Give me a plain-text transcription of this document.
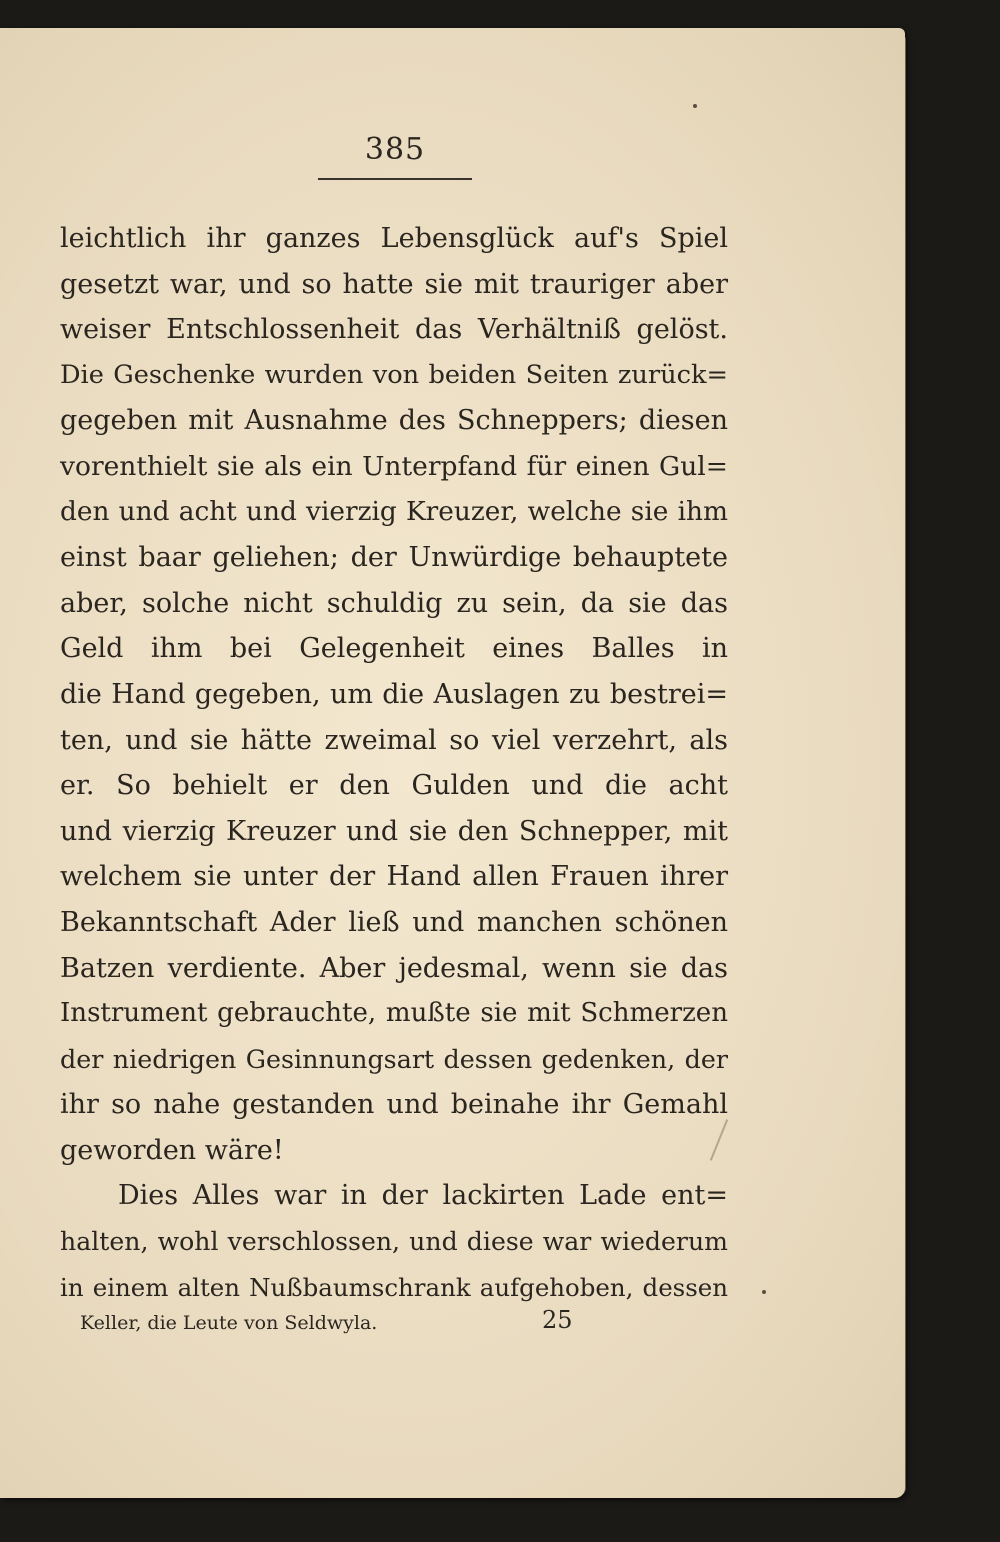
385
leichtlich ihr ganzes Lebensglück auf's Spiel
gesetzt war, und so hatte sie mit trauriger aber
weiser Entschlossenheit das Verhältniß gelöst.
Die Geschenke wurden von beiden Seiten zurück=
gegeben mit Ausnahme des Schneppers; diesen
vorenthielt sie als ein Unterpfand für einen Gul=
den und acht und vierzig Kreuzer, welche sie ihm
einst baar geliehen; der Unwürdige behauptete
aber, solche nicht schuldig zu sein, da sie das
Geld ihm bei Gelegenheit eines Balles in
die Hand gegeben, um die Auslagen zu bestrei=
ten, und sie hätte zweimal so viel verzehrt, als
er. So behielt er den Gulden und die acht
und vierzig Kreuzer und sie den Schnepper, mit
welchem sie unter der Hand allen Frauen ihrer
Bekanntschaft Ader ließ und manchen schönen
Batzen verdiente. Aber jedesmal, wenn sie das
Instrument gebrauchte, mußte sie mit Schmerzen
der niedrigen Gesinnungsart dessen gedenken, der
ihr so nahe gestanden und beinahe ihr Gemahl
geworden wäre!
Dies Alles war in der lackirten Lade ent=
halten, wohl verschlossen, und diese war wiederum
in einem alten Nußbaumschrank aufgehoben, dessen
Keller, die Leute von Seldwyla.	25
